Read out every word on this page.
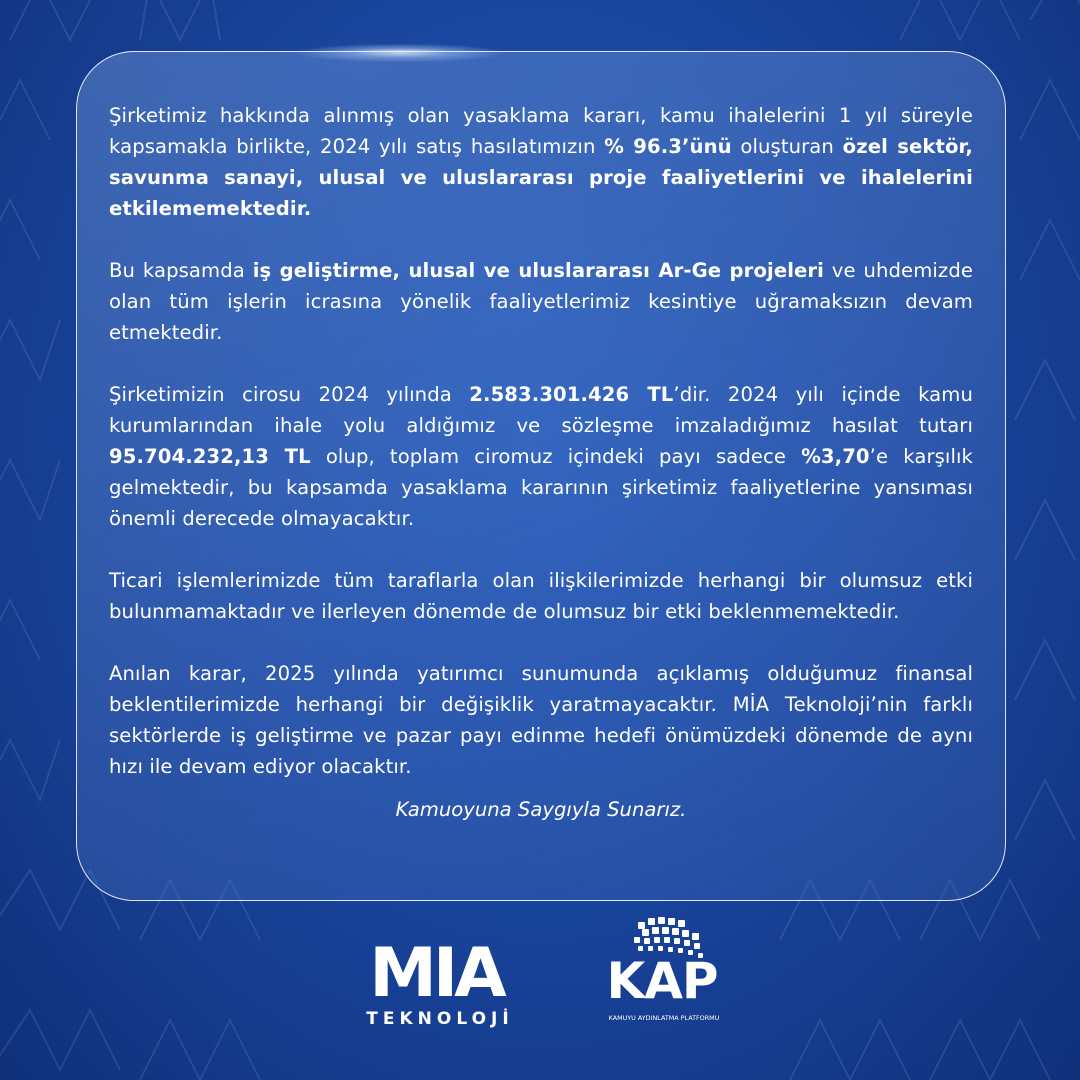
Şirketimiz hakkında alınmış olan yasaklama kararı, kamu ihalelerini 1 yıl süreyle kapsamakla birlikte, 2024 yılı satış hasılatımızın % 96.3’ünü oluşturan özel sektör, savunma sanayi, ulusal ve uluslararası proje faaliyetlerini ve ihalelerini etkilememektedir.

Bu kapsamda iş geliştirme, ulusal ve uluslararası Ar-Ge projeleri ve uhdemizde olan tüm işlerin icrasına yönelik faaliyetlerimiz kesintiye uğramaksızın devam etmektedir.

Şirketimizin cirosu 2024 yılında 2.583.301.426 TL’dir. 2024 yılı içinde kamu kurumlarından ihale yolu aldığımız ve sözleşme imzaladığımız hasılat tutarı 95.704.232,13 TL olup, toplam ciromuz içindeki payı sadece %3,70’e karşılık gelmektedir, bu kapsamda yasaklama kararının şirketimiz faaliyetlerine yansıması önemli derecede olmayacaktır.

Ticari işlemlerimizde tüm taraflarla olan ilişkilerimizde herhangi bir olumsuz etki bulunmamaktadır ve ilerleyen dönemde de olumsuz bir etki beklenmemektedir.

Anılan karar, 2025 yılında yatırımcı sunumunda açıklamış olduğumuz finansal beklentilerimizde herhangi bir değişiklik yaratmayacaktır. MİA Teknoloji’nin farklı sektörlerde iş geliştirme ve pazar payı edinme hedefi önümüzdeki dönemde de aynı hızı ile devam ediyor olacaktır.

Kamuoyuna Saygıyla Sunarız.

MIA
TEKNOLOJİ
KAP
KAMUYU AYDINLATMA PLATFORMU
